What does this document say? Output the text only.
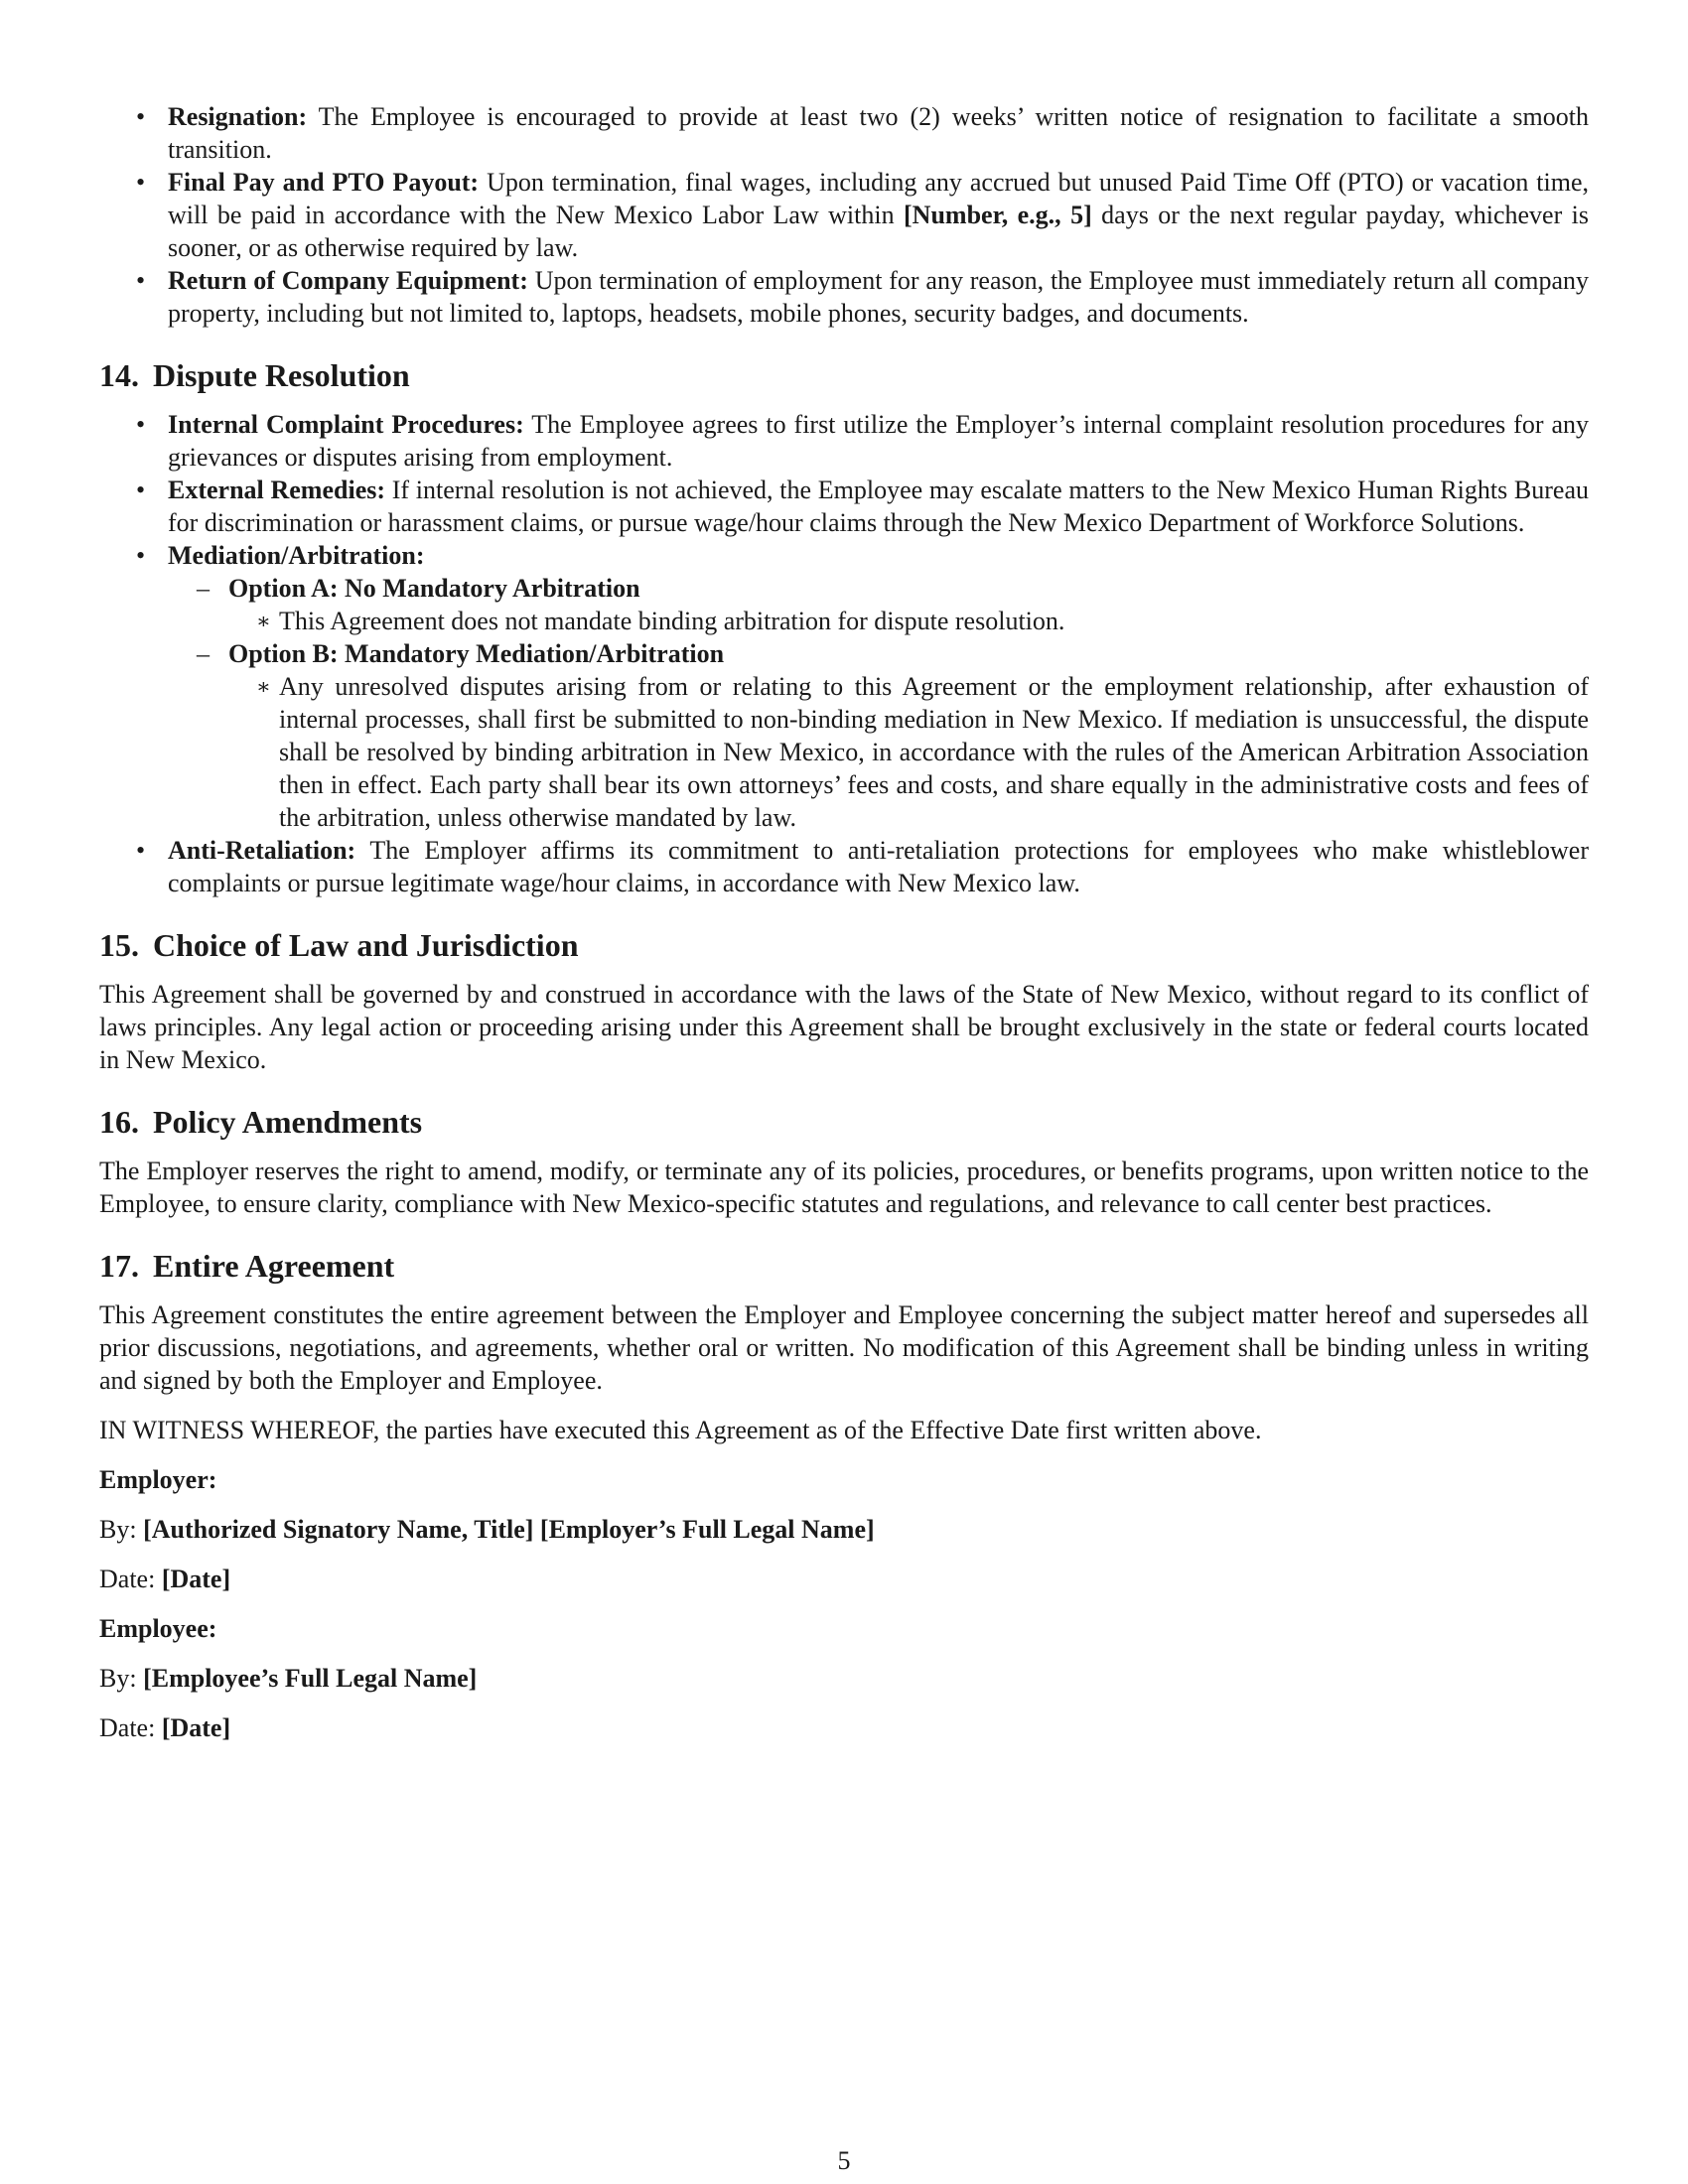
• Resignation: The Employee is encouraged to provide at least two (2) weeks’ written notice of resignation to facilitate a smooth transition.
• Final Pay and PTO Payout: Upon termination, final wages, including any accrued but unused Paid Time Off (PTO) or vacation time, will be paid in accordance with the New Mexico Labor Law within [Number, e.g., 5] days or the next regular payday, whichever is sooner, or as otherwise required by law.
• Return of Company Equipment: Upon termination of employment for any reason, the Employee must immediately return all company property, including but not limited to, laptops, headsets, mobile phones, security badges, and documents.
14. Dispute Resolution
• Internal Complaint Procedures: The Employee agrees to first utilize the Employer’s internal complaint resolution procedures for any grievances or disputes arising from employment.
• External Remedies: If internal resolution is not achieved, the Employee may escalate matters to the New Mexico Human Rights Bureau for discrimination or harassment claims, or pursue wage/hour claims through the New Mexico Department of Workforce Solutions.
• Mediation/Arbitration:
– Option A: No Mandatory Arbitration
∗ This Agreement does not mandate binding arbitration for dispute resolution.
– Option B: Mandatory Mediation/Arbitration
∗ Any unresolved disputes arising from or relating to this Agreement or the employment relationship, after exhaustion of internal processes, shall first be submitted to non-binding mediation in New Mexico. If mediation is unsuccessful, the dispute shall be resolved by binding arbitration in New Mexico, in accordance with the rules of the American Arbitration Association then in effect. Each party shall bear its own attorneys’ fees and costs, and share equally in the administrative costs and fees of the arbitration, unless otherwise mandated by law.
• Anti-Retaliation: The Employer affirms its commitment to anti-retaliation protections for employees who make whistleblower complaints or pursue legitimate wage/hour claims, in accordance with New Mexico law.
15. Choice of Law and Jurisdiction

This Agreement shall be governed by and construed in accordance with the laws of the State of New Mexico, without regard to its conflict of laws principles. Any legal action or proceeding arising under this Agreement shall be brought exclusively in the state or federal courts located in New Mexico.

16. Policy Amendments

The Employer reserves the right to amend, modify, or terminate any of its policies, procedures, or benefits programs, upon written notice to the Employee, to ensure clarity, compliance with New Mexico-specific statutes and regulations, and relevance to call center best practices.

17. Entire Agreement

This Agreement constitutes the entire agreement between the Employer and Employee concerning the subject matter hereof and supersedes all prior discussions, negotiations, and agreements, whether oral or written. No modification of this Agreement shall be binding unless in writing and signed by both the Employer and Employee.

IN WITNESS WHEREOF, the parties have executed this Agreement as of the Effective Date first written above.

Employer:

By: [Authorized Signatory Name, Title] [Employer’s Full Legal Name]

Date: [Date]

Employee:

By: [Employee’s Full Legal Name]

Date: [Date]

5
